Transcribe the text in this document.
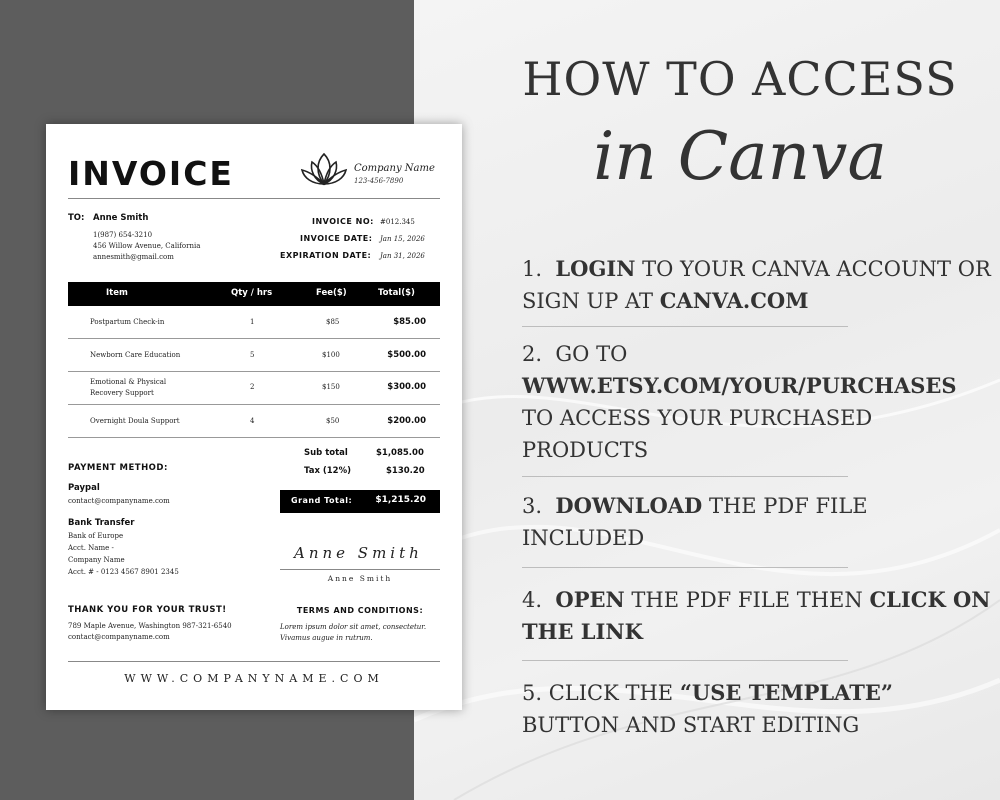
INVOICE	Company Name
123-456-7890
TO: Anne Smith
1(987) 654-3210
456 Willow Avenue, California
annesmith@gmail.com
INVOICE NO: #012.345
INVOICE DATE: Jan 15, 2026
EXPIRATION DATE: Jan 31, 2026
Item	Qty / hrs	Fee($)	Total($)
Postpartum Check-in	1	$85	$85.00
Newborn Care Education	5	$100	$500.00
Emotional & Physical
Recovery Support
2	$150	$300.00
Overnight Doula Support	4	$50	$200.00
Sub total	$1,085.00
Tax (12%)	$130.20
Grand Total:	$1,215.20
PAYMENT METHOD:
Paypal
contact@companyname.com
Bank Transfer
Bank of Europe
Acct. Name -
Company Name
Acct. # - 0123 4567 8901 2345
Anne Smith
Anne Smith
THANK YOU FOR YOUR TRUST!
789 Maple Avenue, Washington 987-321-6540
contact@companyname.com
TERMS AND CONDITIONS:
Lorem ipsum dolor sit amet, consectetur.
Vivamus augue in rutrum.
WWW.COMPANYNAME.COM
HOW TO ACCESS
in Canva
1. LOGIN TO YOUR CANVA ACCOUNT OR SIGN UP AT CANVA.COM
2. GO TO
WWW.ETSY.COM/YOUR/PURCHASES
TO ACCESS YOUR PURCHASED PRODUCTS
3. DOWNLOAD THE PDF FILE INCLUDED
4. OPEN THE PDF FILE THEN CLICK ON THE LINK
5. CLICK THE “USE TEMPLATE” BUTTON AND START EDITING
